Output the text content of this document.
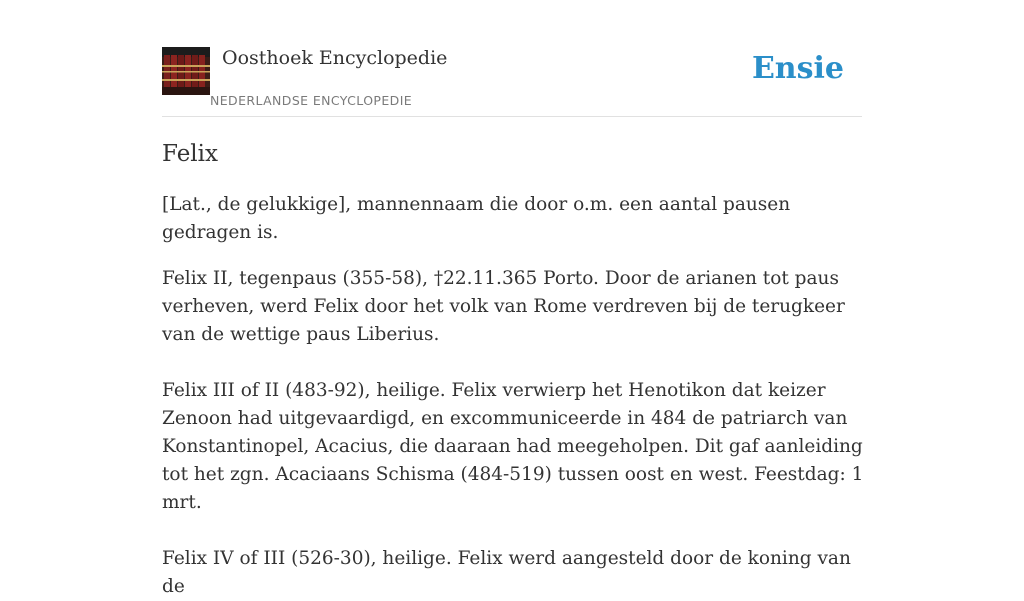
Oosthoek Encyclopedie
NEDERLANDSE ENCYCLOPEDIE
Ensie
Felix

[Lat., de gelukkige], mannennaam die door o.m. een aantal pausen gedragen is.

Felix II, tegenpaus (355-58), †22.11.365 Porto. Door de arianen tot paus verheven, werd Felix door het volk van Rome verdreven bij de terugkeer van de wettige paus Liberius.

Felix III of II (483-92), heilige. Felix verwierp het Henotikon dat keizer Zenoon had uitgevaardigd, en excommuniceerde in 484 de patriarch van Konstantinopel, Acacius, die daaraan had meegeholpen. Dit gaf aanleiding tot het zgn. Acaciaans Schisma (484-519) tussen oost en west. Feestdag: 1 mrt.

Felix IV of III (526-30), heilige. Felix werd aangesteld door de koning van de
